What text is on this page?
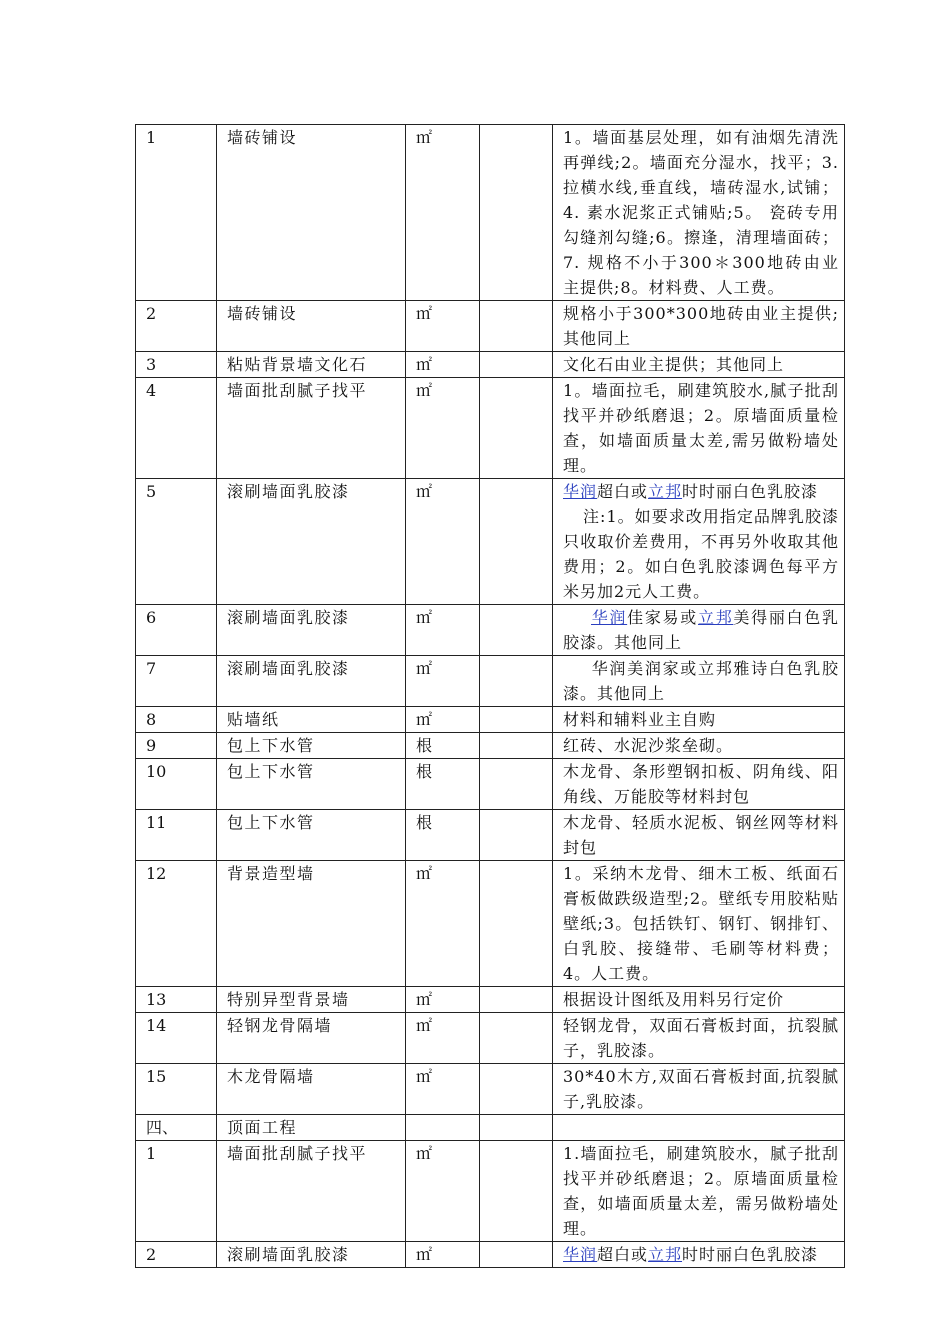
1	墙砖铺设	㎡		1。墙面基层处理，如有油烟先清洗再弹线;2。墙面充分湿水，找平；3.拉横水线,垂直线，墙砖湿水,试铺；4. 素水泥浆正式铺贴;5。 瓷砖专用勾缝剂勾缝;6。擦逢，清理墙面砖；7. 规格不小于300＊300地砖由业主提供;8。材料费、人工费。
2	墙砖铺设	㎡		规格小于300*300地砖由业主提供;其他同上
3	粘贴背景墙文化石	㎡		文化石由业主提供；其他同上
4	墙面批刮腻子找平	㎡		1。墙面拉毛，刷建筑胶水,腻子批刮找平并砂纸磨退；2。原墙面质量检查，如墙面质量太差,需另做粉墙处理。
5	滚刷墙面乳胶漆	㎡		华润超白或立邦时时丽白色乳胶漆
注:1。如要求改用指定品牌乳胶漆只收取价差费用，不再另外收取其他费用；2。如白色乳胶漆调色每平方米另加2元人工费。
6	滚刷墙面乳胶漆	㎡		华润佳家易或立邦美得丽白色乳胶漆。其他同上
7	滚刷墙面乳胶漆	㎡		华润美润家或立邦雅诗白色乳胶漆。其他同上
8	贴墙纸	㎡		材料和辅料业主自购
9	包上下水管	根		红砖、水泥沙浆垒砌。
10	包上下水管	根		木龙骨、条形塑钢扣板、阴角线、阳角线、万能胶等材料封包
11	包上下水管	根		木龙骨、轻质水泥板、钢丝网等材料封包
12	背景造型墙	㎡		1。采纳木龙骨、细木工板、纸面石膏板做跌级造型;2。壁纸专用胶粘贴壁纸;3。包括铁钉、钢钉、钢排钉、白乳胶、接缝带、毛刷等材料费；4。人工费。
13	特别异型背景墙	㎡		根据设计图纸及用料另行定价
14	轻钢龙骨隔墙	㎡		轻钢龙骨，双面石膏板封面，抗裂腻子，乳胶漆。
15	木龙骨隔墙	㎡		30*40木方,双面石膏板封面,抗裂腻子,乳胶漆。
四、	顶面工程			
1	墙面批刮腻子找平	㎡		1.墙面拉毛，刷建筑胶水，腻子批刮找平并砂纸磨退；2。原墙面质量检查，如墙面质量太差，需另做粉墙处理。
2	滚刷墙面乳胶漆	㎡		华润超白或立邦时时丽白色乳胶漆
